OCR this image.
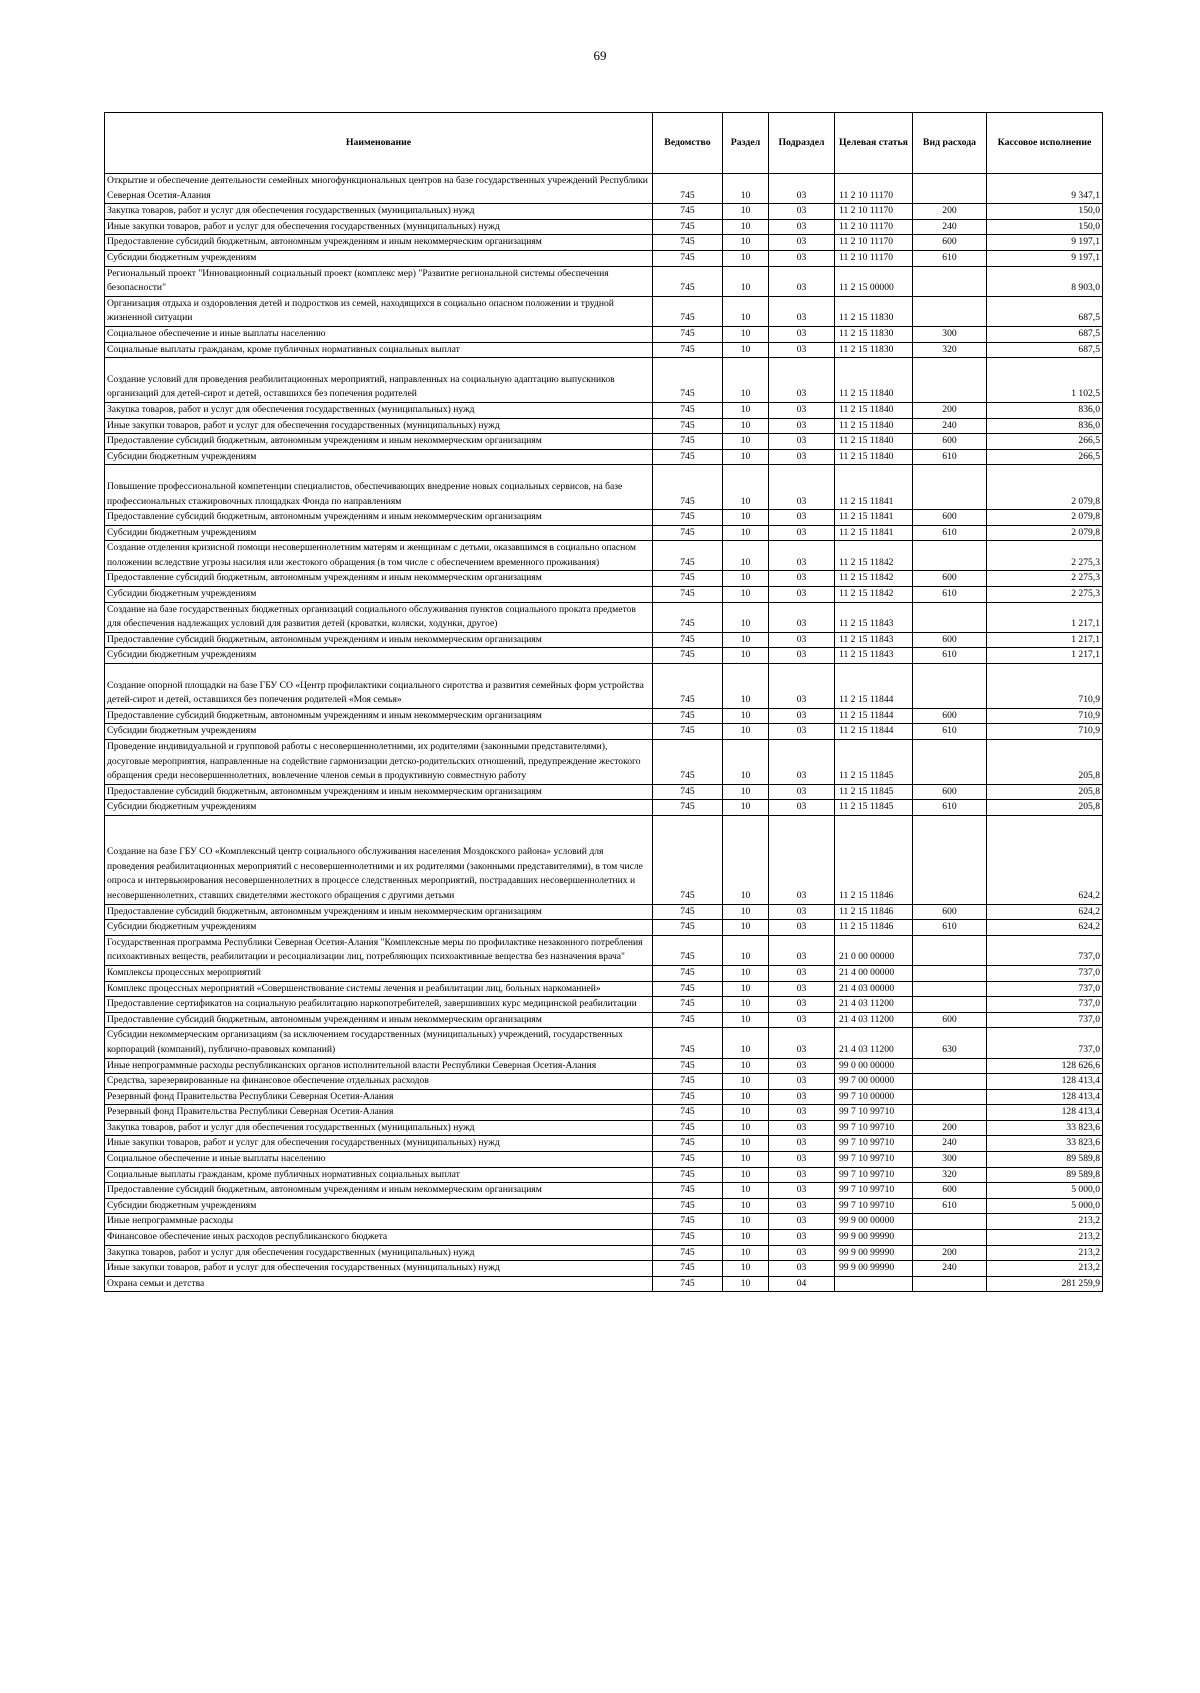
69
Наименование	Ведомство	Раздел	Подраздел	Целевая статья	Вид расхода	Кассовое исполнение
Открытие и обеспечение деятельности семейных многофункциональных центров на базе государственных учреждений Республики Северная Осетия-Алания	745	10	03	11 2 10 11170		9 347,1
Закупка товаров, работ и услуг для обеспечения государственных (муниципальных) нужд	745	10	03	11 2 10 11170	200	150,0
Иные закупки товаров, работ и услуг для обеспечения государственных (муниципальных) нужд	745	10	03	11 2 10 11170	240	150,0
Предоставление субсидий бюджетным, автономным учреждениям и иным некоммерческим организациям	745	10	03	11 2 10 11170	600	9 197,1
Субсидии бюджетным учреждениям	745	10	03	11 2 10 11170	610	9 197,1
Региональный проект "Инновационный социальный проект (комплекс мер) "Развитие региональной системы обеспечения безопасности"	745	10	03	11 2 15 00000		8 903,0
Организация отдыха и оздоровления детей и подростков из семей, находящихся в социально опасном положении и трудной жизненной ситуации	745	10	03	11 2 15 11830		687,5
Социальное обеспечение и иные выплаты населению	745	10	03	11 2 15 11830	300	687,5
Социальные выплаты гражданам, кроме публичных нормативных социальных выплат	745	10	03	11 2 15 11830	320	687,5
Создание условий для проведения реабилитационных мероприятий, направленных на социальную адаптацию выпускников организаций для детей-сирот и детей, оставшихся без попечения родителей	745	10	03	11 2 15 11840		1 102,5
Закупка товаров, работ и услуг для обеспечения государственных (муниципальных) нужд	745	10	03	11 2 15 11840	200	836,0
Иные закупки товаров, работ и услуг для обеспечения государственных (муниципальных) нужд	745	10	03	11 2 15 11840	240	836,0
Предоставление субсидий бюджетным, автономным учреждениям и иным некоммерческим организациям	745	10	03	11 2 15 11840	600	266,5
Субсидии бюджетным учреждениям	745	10	03	11 2 15 11840	610	266,5
Повышение профессиональной компетенции специалистов, обеспечивающих внедрение новых социальных сервисов, на базе профессиональных стажировочных площадках Фонда по направлениям	745	10	03	11 2 15 11841		2 079,8
Предоставление субсидий бюджетным, автономным учреждениям и иным некоммерческим организациям	745	10	03	11 2 15 11841	600	2 079,8
Субсидии бюджетным учреждениям	745	10	03	11 2 15 11841	610	2 079,8
Создание отделения кризисной помощи несовершеннолетним матерям и женщинам с детьми, оказавшимся в социально опасном положении вследствие угрозы насилия или жестокого обращения (в том числе с обеспечением временного проживания)	745	10	03	11 2 15 11842		2 275,3
Предоставление субсидий бюджетным, автономным учреждениям и иным некоммерческим организациям	745	10	03	11 2 15 11842	600	2 275,3
Субсидии бюджетным учреждениям	745	10	03	11 2 15 11842	610	2 275,3
Создание на базе государственных бюджетных организаций социального обслуживания пунктов социального проката предметов для обеспечения надлежащих условий для развития детей (кроватки, коляски, ходунки, другое)	745	10	03	11 2 15 11843		1 217,1
Предоставление субсидий бюджетным, автономным учреждениям и иным некоммерческим организациям	745	10	03	11 2 15 11843	600	1 217,1
Субсидии бюджетным учреждениям	745	10	03	11 2 15 11843	610	1 217,1
Создание опорной площадки на базе ГБУ СО «Центр профилактики социального сиротства и развития семейных форм устройства детей-сирот и детей, оставшихся без попечения родителей «Моя семья»	745	10	03	11 2 15 11844		710,9
Предоставление субсидий бюджетным, автономным учреждениям и иным некоммерческим организациям	745	10	03	11 2 15 11844	600	710,9
Субсидии бюджетным учреждениям	745	10	03	11 2 15 11844	610	710,9
Проведение индивидуальной и групповой работы с несовершеннолетними, их родителями (законными представителями), досуговые мероприятия, направленные на содействие гармонизации детско-родительских отношений, предупреждение жестокого обращения среди несовершеннолетних, вовлечение членов семьи в продуктивную совместную работу	745	10	03	11 2 15 11845		205,8
Предоставление субсидий бюджетным, автономным учреждениям и иным некоммерческим организациям	745	10	03	11 2 15 11845	600	205,8
Субсидии бюджетным учреждениям	745	10	03	11 2 15 11845	610	205,8
Создание на базе ГБУ СО «Комплексный центр социального обслуживания населения Моздокского района» условий для проведения реабилитационных мероприятий с несовершеннолетними и их родителями (законными представителями), в том числе опроса и интервьюирования несовершеннолетних в процессе следственных мероприятий, пострадавших несовершеннолетних и несовершеннолетних, ставших свидетелями жестокого обращения с другими детьми	745	10	03	11 2 15 11846		624,2
Предоставление субсидий бюджетным, автономным учреждениям и иным некоммерческим организациям	745	10	03	11 2 15 11846	600	624,2
Субсидии бюджетным учреждениям	745	10	03	11 2 15 11846	610	624,2
Государственная программа Республики Северная Осетия-Алания "Комплексные меры по профилактике незаконного потребления психоактивных веществ, реабилитации и ресоциализации лиц, потребляющих психоактивные вещества без назначения врача"	745	10	03	21 0 00 00000		737,0
Комплексы процессных мероприятий	745	10	03	21 4 00 00000		737,0
Комплекс процессных мероприятий «Совершенствование системы лечения и реабилитации лиц, больных наркоманией»	745	10	03	21 4 03 00000		737,0
Предоставление сертификатов на социальную реабилитацию наркопотребителей, завершивших курс медицинской реабилитации	745	10	03	21 4 03 11200		737,0
Предоставление субсидий бюджетным, автономным учреждениям и иным некоммерческим организациям	745	10	03	21 4 03 11200	600	737,0
Субсидии некоммерческим организациям (за исключением государственных (муниципальных) учреждений, государственных корпораций (компаний), публично-правовых компаний)	745	10	03	21 4 03 11200	630	737,0
Иные непрограммные расходы республиканских органов исполнительной власти Республики Северная Осетия-Алания	745	10	03	99 0 00 00000		128 626,6
Средства, зарезервированные на финансовое обеспечение отдельных расходов	745	10	03	99 7 00 00000		128 413,4
Резервный фонд Правительства Республики Северная Осетия-Алания	745	10	03	99 7 10 00000		128 413,4
Резервный фонд Правительства Республики Северная Осетия-Алания	745	10	03	99 7 10 99710		128 413,4
Закупка товаров, работ и услуг для обеспечения государственных (муниципальных) нужд	745	10	03	99 7 10 99710	200	33 823,6
Иные закупки товаров, работ и услуг для обеспечения государственных (муниципальных) нужд	745	10	03	99 7 10 99710	240	33 823,6
Социальное обеспечение и иные выплаты населению	745	10	03	99 7 10 99710	300	89 589,8
Социальные выплаты гражданам, кроме публичных нормативных социальных выплат	745	10	03	99 7 10 99710	320	89 589,8
Предоставление субсидий бюджетным, автономным учреждениям и иным некоммерческим организациям	745	10	03	99 7 10 99710	600	5 000,0
Субсидии бюджетным учреждениям	745	10	03	99 7 10 99710	610	5 000,0
Иные непрограммные расходы	745	10	03	99 9 00 00000		213,2
Финансовое обеспечение иных расходов республиканского бюджета	745	10	03	99 9 00 99990		213,2
Закупка товаров, работ и услуг для обеспечения государственных (муниципальных) нужд	745	10	03	99 9 00 99990	200	213,2
Иные закупки товаров, работ и услуг для обеспечения государственных (муниципальных) нужд	745	10	03	99 9 00 99990	240	213,2
Охрана семьи и детства	745	10	04			281 259,9
